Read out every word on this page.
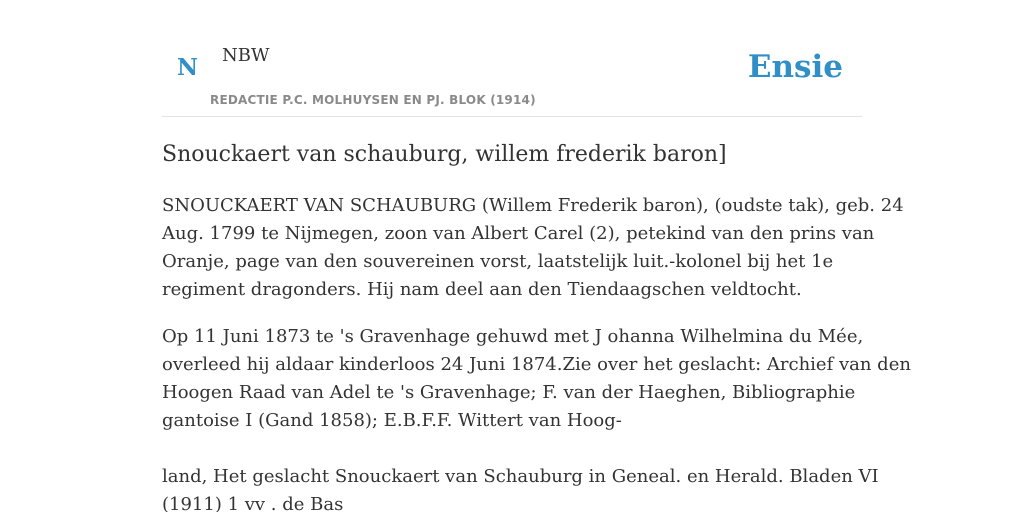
N NBW
REDACTIE P.C. MOLHUYSEN EN PJ. BLOK (1914)
Ensie
Snouckaert van schauburg, willem frederik baron]

SNOUCKAERT VAN SCHAUBURG (Willem Frederik baron), (oudste tak), geb. 24
Aug. 1799 te Nijmegen, zoon van Albert Carel (2), petekind van den prins van
Oranje, page van den souvereinen vorst, laatstelijk luit.-kolonel bij het 1e
regiment dragonders. Hij nam deel aan den Tiendaagschen veldtocht.

Op 11 Juni 1873 te 's Gravenhage gehuwd met J ohanna Wilhelmina du Mée,
overleed hij aldaar kinderloos 24 Juni 1874.Zie over het geslacht: Archief van den
Hoogen Raad van Adel te 's Gravenhage; F. van der Haeghen, Bibliographie
gantoise I (Gand 1858); E.B.F.F. Wittert van Hoog-

land, Het geslacht Snouckaert van Schauburg in Geneal. en Herald. Bladen VI
(1911) 1 vv . de Bas
